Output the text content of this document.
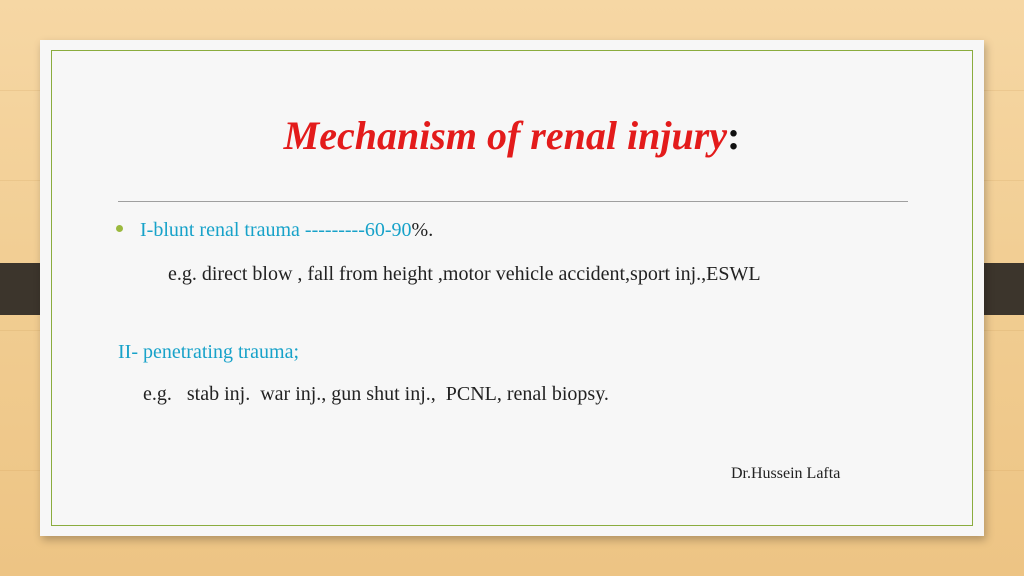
Mechanism of renal injury:
I-blunt renal trauma ---------60-90%.
e.g. direct blow , fall from height ,motor vehicle accident,sport inj.,ESWL
II- penetrating trauma;
e.g.   stab inj.  war inj., gun shut inj.,  PCNL, renal biopsy.
Dr.Hussein Lafta
